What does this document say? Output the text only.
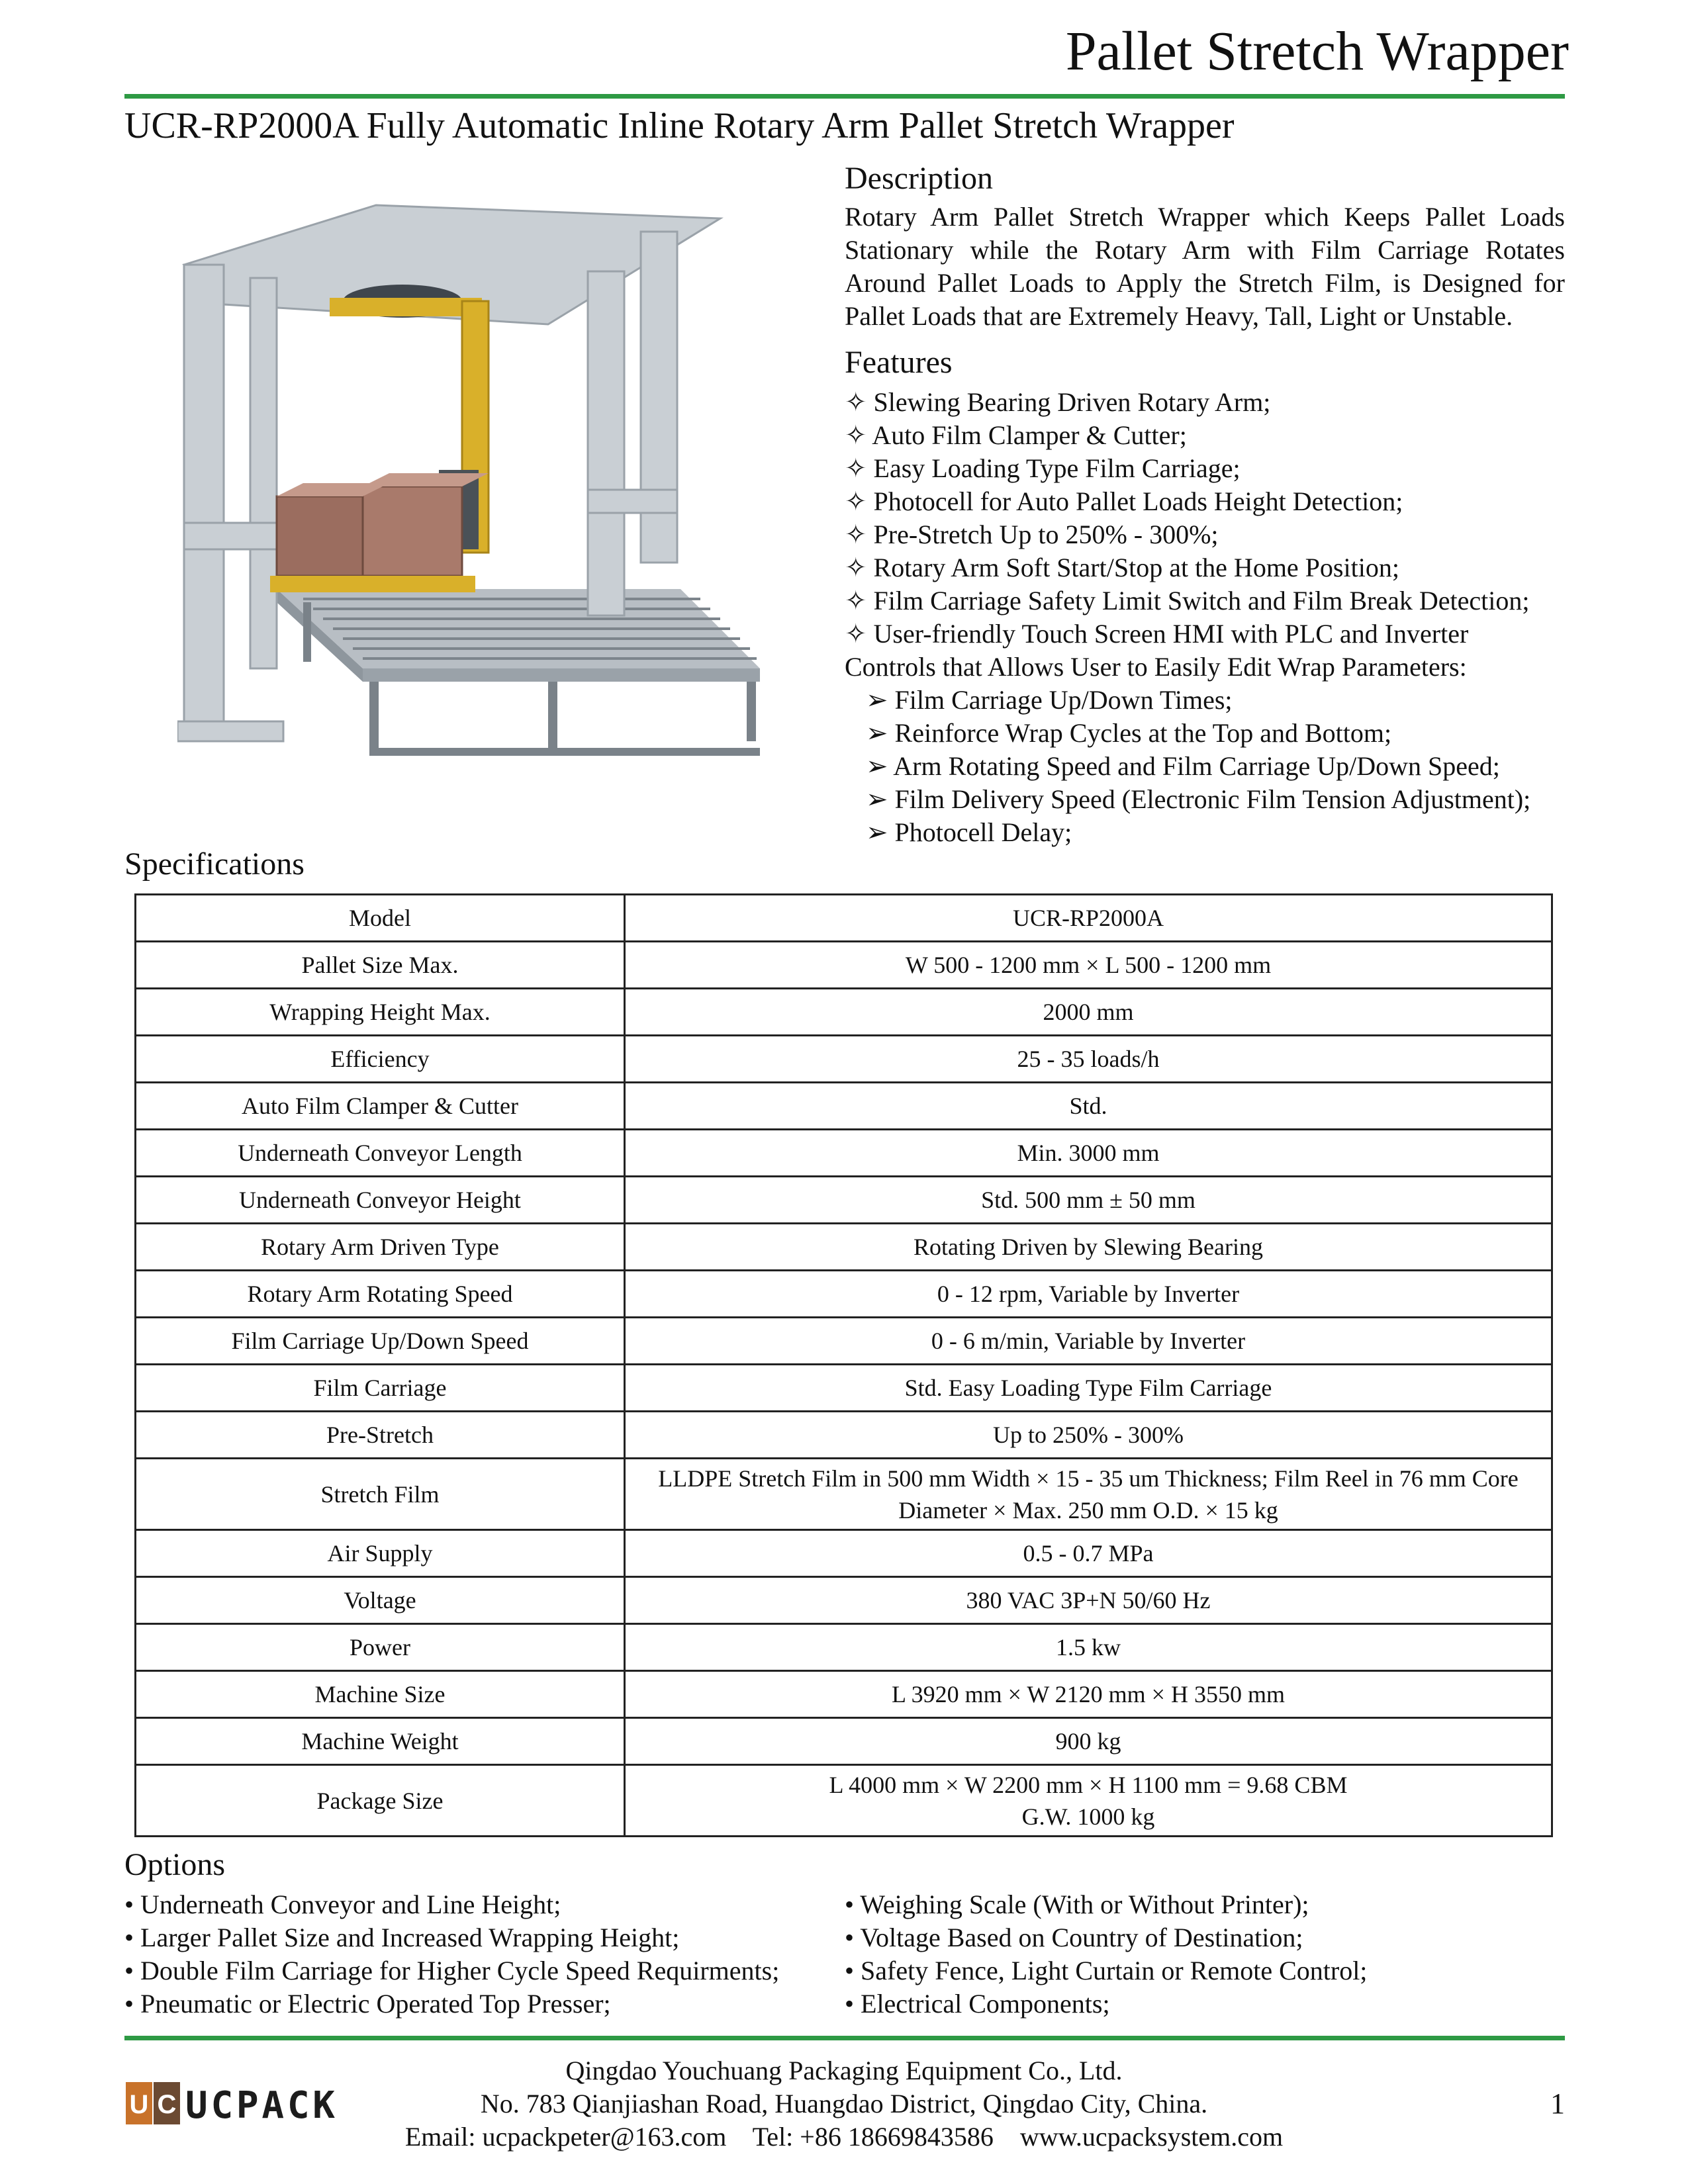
Pallet Stretch Wrapper
UCR-RP2000A Fully Automatic Inline Rotary Arm Pallet Stretch Wrapper
Description
Rotary Arm Pallet Stretch Wrapper which Keeps Pallet Loads Stationary while the Rotary Arm with Film Carriage Rotates Around Pallet Loads to Apply the Stretch Film, is Designed for Pallet Loads that are Extremely Heavy, Tall, Light or Unstable.
Features
✧ Slewing Bearing Driven Rotary Arm;
✧ Auto Film Clamper & Cutter;
✧ Easy Loading Type Film Carriage;
✧ Photocell for Auto Pallet Loads Height Detection;
✧ Pre-Stretch Up to 250% - 300%;
✧ Rotary Arm Soft Start/Stop at the Home Position;
✧ Film Carriage Safety Limit Switch and Film Break Detection;
✧ User-friendly Touch Screen HMI with PLC and Inverter
Controls that Allows User to Easily Edit Wrap Parameters:
➢ Film Carriage Up/Down Times;
➢ Reinforce Wrap Cycles at the Top and Bottom;
➢ Arm Rotating Speed and Film Carriage Up/Down Speed;
➢ Film Delivery Speed (Electronic Film Tension Adjustment);
➢ Photocell Delay;
Specifications
Model	UCR-RP2000A
Pallet Size Max.	W 500 - 1200 mm × L 500 - 1200 mm
Wrapping Height Max.	2000 mm
Efficiency	25 - 35 loads/h
Auto Film Clamper & Cutter	Std.
Underneath Conveyor Length	Min. 3000 mm
Underneath Conveyor Height	Std. 500 mm ± 50 mm
Rotary Arm Driven Type	Rotating Driven by Slewing Bearing
Rotary Arm Rotating Speed	0 - 12 rpm, Variable by Inverter
Film Carriage Up/Down Speed	0 - 6 m/min, Variable by Inverter
Film Carriage	Std. Easy Loading Type Film Carriage
Pre-Stretch	Up to 250% - 300%
Stretch Film	LLDPE Stretch Film in 500 mm Width × 15 - 35 um Thickness; Film Reel in 76 mm Core
Diameter × Max. 250 mm O.D. × 15 kg

Air Supply	0.5 - 0.7 MPa
Voltage	380 VAC 3P+N 50/60 Hz
Power	1.5 kw
Machine Size	L 3920 mm × W 2120 mm × H 3550 mm
Machine Weight	900 kg
Package Size	L 4000 mm × W 2200 mm × H 1100 mm = 9.68 CBM
G.W. 1000 kg
Options
• Underneath Conveyor and Line Height;
• Larger Pallet Size and Increased Wrapping Height;
• Double Film Carriage for Higher Cycle Speed Requirments;
• Pneumatic or Electric Operated Top Presser;
• Weighing Scale (With or Without Printer);
• Voltage Based on Country of Destination;
• Safety Fence, Light Curtain or Remote Control;
• Electrical Components;
Qingdao Youchuang Packaging Equipment Co., Ltd.
No. 783 Qianjiashan Road, Huangdao District, Qingdao City, China.
Email: ucpackpeter@163.com    Tel: +86 18669843586    www.ucpacksystem.com
1
U C UCPACK
